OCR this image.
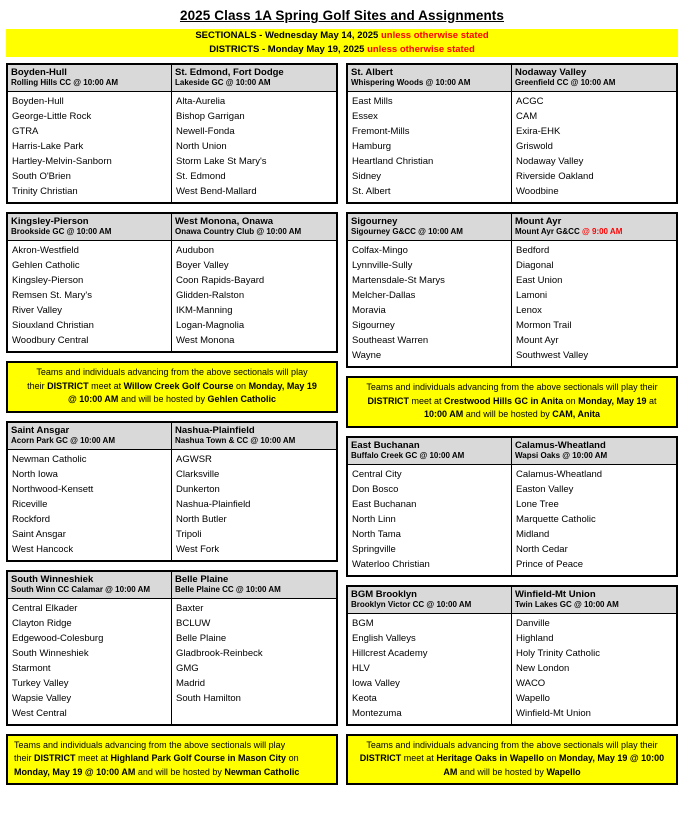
2025 Class 1A Spring Golf Sites and Assignments
SECTIONALS - Wednesday May 14, 2025 unless otherwise stated
DISTRICTS - Monday May 19, 2025 unless otherwise stated
Boyden-Hull
Rolling Hills CC @ 10:00 AM
St. Edmond, Fort Dodge
Lakeside GC @ 10:00 AM
Boyden-Hull
George-Little Rock
GTRA
Harris-Lake Park
Hartley-Melvin-Sanborn
South O'Brien
Trinity Christian
Alta-Aurelia
Bishop Garrigan
Newell-Fonda
North Union
Storm Lake St Mary's
St. Edmond
West Bend-Mallard
Kingsley-Pierson
Brookside GC @ 10:00 AM
West Monona, Onawa
Onawa Country Club @ 10:00 AM
Akron-Westfield
Gehlen Catholic
Kingsley-Pierson
Remsen St. Mary's
River Valley
Siouxland Christian
Woodbury Central
Audubon
Boyer Valley
Coon Rapids-Bayard
Glidden-Ralston
IKM-Manning
Logan-Magnolia
West Monona
Teams and individuals advancing from the above sectionals will play
their DISTRICT meet at Willow Creek Golf Course on Monday, May 19
@ 10:00 AM and will be hosted by Gehlen Catholic
Saint Ansgar
Acorn Park GC @ 10:00 AM
Nashua-Plainfield
Nashua Town & CC @ 10:00 AM
Newman Catholic
North Iowa
Northwood-Kensett
Riceville
Rockford
Saint Ansgar
West Hancock
AGWSR
Clarksville
Dunkerton
Nashua-Plainfield
North Butler
Tripoli
West Fork
South Winneshiek
South Winn CC Calamar @ 10:00 AM
Belle Plaine
Belle Plaine CC @ 10:00 AM
Central Elkader
Clayton Ridge
Edgewood-Colesburg
South Winneshiek
Starmont
Turkey Valley
Wapsie Valley
West Central
Baxter
BCLUW
Belle Plaine
Gladbrook-Reinbeck
GMG
Madrid
South Hamilton
Teams and individuals advancing from the above sectionals will play
their DISTRICT meet at Highland Park Golf Course in Mason City on
Monday, May 19 @ 10:00 AM and will be hosted by Newman Catholic
St. Albert
Whispering Woods @ 10:00 AM
Nodaway Valley
Greenfield CC @ 10:00 AM
East Mills
Essex
Fremont-Mills
Hamburg
Heartland Christian
Sidney
St. Albert
ACGC
CAM
Exira-EHK
Griswold
Nodaway Valley
Riverside Oakland
Woodbine
Sigourney
Sigourney G&CC @ 10:00 AM
Mount Ayr
Mount Ayr G&CC @ 9:00 AM
Colfax-Mingo
Lynnville-Sully
Martensdale-St Marys
Melcher-Dallas
Moravia
Sigourney
Southeast Warren
Wayne
Bedford
Diagonal
East Union
Lamoni
Lenox
Mormon Trail
Mount Ayr
Southwest Valley
Teams and individuals advancing from the above sectionals will play their
DISTRICT meet at Crestwood Hills GC in Anita on Monday, May 19 at
10:00 AM and will be hosted by CAM, Anita
East Buchanan
Buffalo Creek GC @ 10:00 AM
Calamus-Wheatland
Wapsi Oaks @ 10:00 AM
Central City
Don Bosco
East Buchanan
North Linn
North Tama
Springville
Waterloo Christian
Calamus-Wheatland
Easton Valley
Lone Tree
Marquette Catholic
Midland
North Cedar
Prince of Peace
BGM Brooklyn
Brooklyn Victor CC @ 10:00 AM
Winfield-Mt Union
Twin Lakes GC @ 10:00 AM
BGM
English Valleys
Hillcrest Academy
HLV
Iowa Valley
Keota
Montezuma
Danville
Highland
Holy Trinity Catholic
New London
WACO
Wapello
Winfield-Mt Union
Teams and individuals advancing from the above sectionals will play their
DISTRICT meet at Heritage Oaks in Wapello on Monday, May 19 @ 10:00
AM and will be hosted by Wapello
